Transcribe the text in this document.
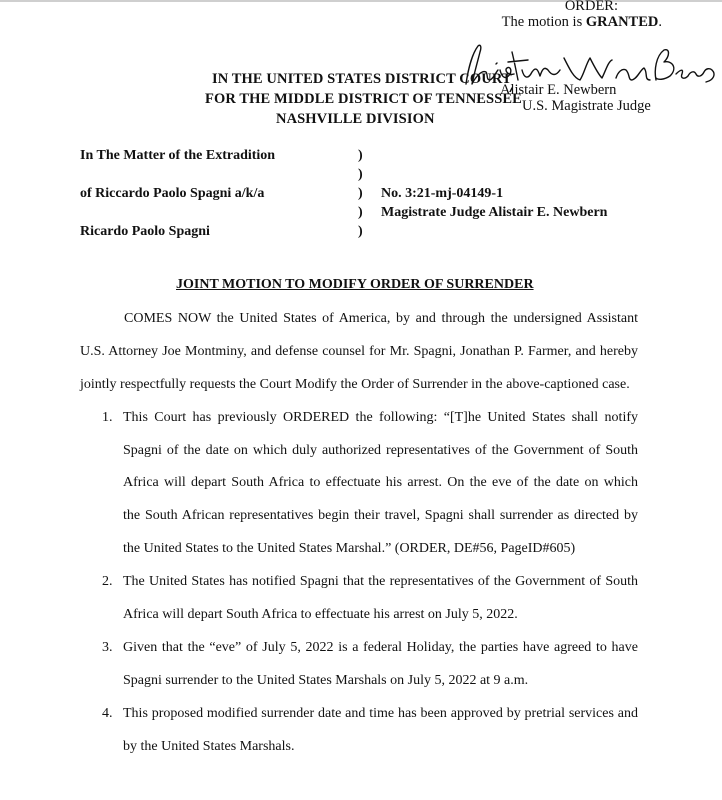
ORDER:
The motion is GRANTED.
Alistair E. Newbern
U.S. Magistrate Judge
IN THE UNITED STATES DISTRICT COURT
FOR THE MIDDLE DISTRICT OF TENNESSEE
NASHVILLE DIVISION
In The Matter of the Extradition
of Riccardo Paolo Spagni a/k/a
Ricardo Paolo Spagni
)
)
)
)
)
No. 3:21-mj-04149-1
Magistrate Judge Alistair E. Newbern
JOINT MOTION TO MODIFY ORDER OF SURRENDER
COMES NOW the United States of America, by and through the undersigned Assistant
U.S. Attorney Joe Montminy, and defense counsel for Mr. Spagni, Jonathan P. Farmer, and hereby
jointly respectfully requests the Court Modify the Order of Surrender in the above-captioned case.
1. This Court has previously ORDERED the following: “[T]he United States shall notify
Spagni of the date on which duly authorized representatives of the Government of South
Africa will depart South Africa to effectuate his arrest. On the eve of the date on which
the South African representatives begin their travel, Spagni shall surrender as directed by
the United States to the United States Marshal.” (ORDER, DE#56, PageID#605)
2. The United States has notified Spagni that the representatives of the Government of South
Africa will depart South Africa to effectuate his arrest on July 5, 2022.
3. Given that the “eve” of July 5, 2022 is a federal Holiday, the parties have agreed to have
Spagni surrender to the United States Marshals on July 5, 2022 at 9 a.m.
4. This proposed modified surrender date and time has been approved by pretrial services and
by the United States Marshals.
